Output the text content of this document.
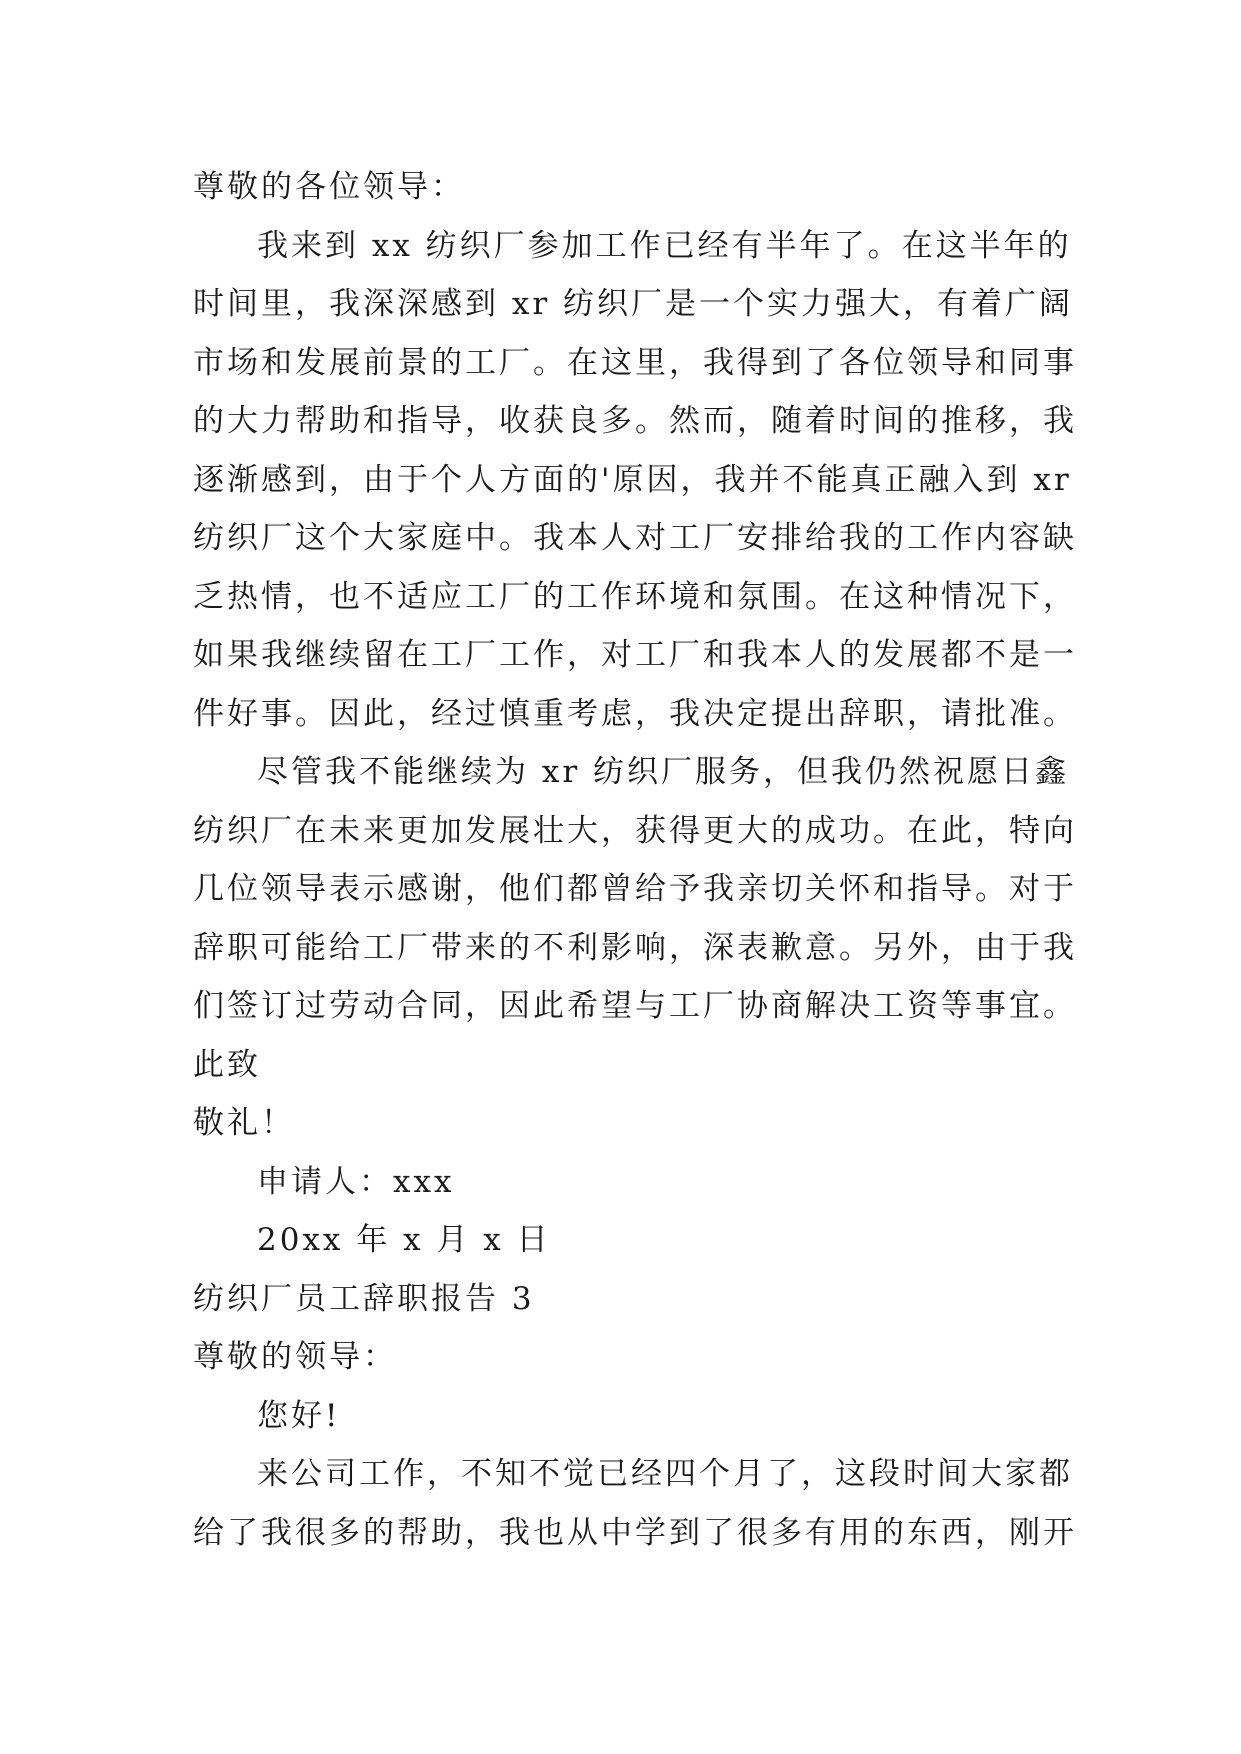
尊敬的各位领导：
我来到 xx 纺织厂参加工作已经有半年了。在这半年的
时间里，我深深感到 xr 纺织厂是一个实力强大，有着广阔
市场和发展前景的工厂。在这里，我得到了各位领导和同事
的大力帮助和指导，收获良多。然而，随着时间的推移，我
逐渐感到，由于个人方面的'原因，我并不能真正融入到 xr
纺织厂这个大家庭中。我本人对工厂安排给我的工作内容缺
乏热情，也不适应工厂的工作环境和氛围。在这种情况下，
如果我继续留在工厂工作，对工厂和我本人的发展都不是一
件好事。因此，经过慎重考虑，我决定提出辞职，请批准。
尽管我不能继续为 xr 纺织厂服务，但我仍然祝愿日鑫
纺织厂在未来更加发展壮大，获得更大的成功。在此，特向
几位领导表示感谢，他们都曾给予我亲切关怀和指导。对于
辞职可能给工厂带来的不利影响，深表歉意。另外，由于我
们签订过劳动合同，因此希望与工厂协商解决工资等事宜。
此致
敬礼！
申请人：xxx
20xx 年 x 月 x 日
纺织厂员工辞职报告 3
尊敬的领导：
您好!
来公司工作，不知不觉已经四个月了，这段时间大家都
给了我很多的帮助，我也从中学到了很多有用的东西，刚开
